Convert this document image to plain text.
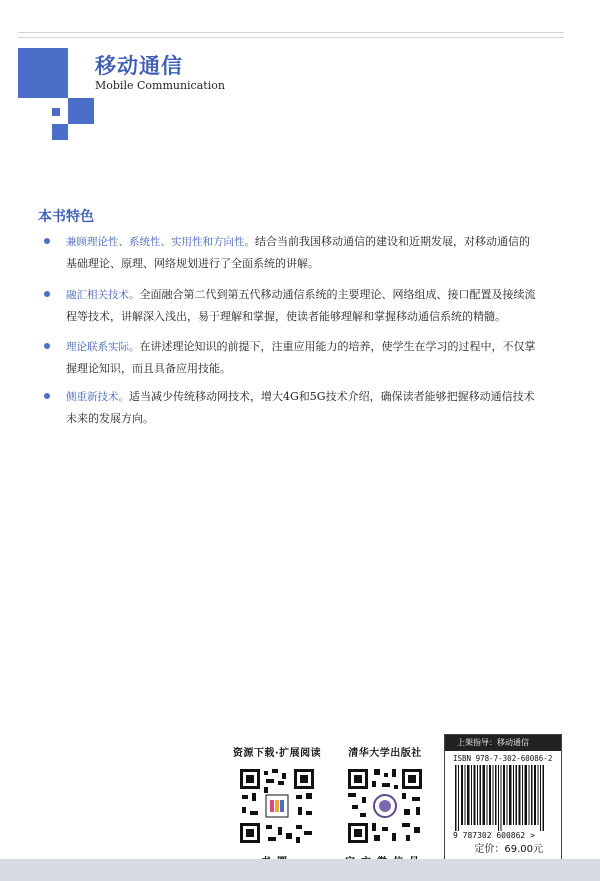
移动通信
Mobile Communication
本书特色
兼顾理论性、系统性、实用性和方向性。结合当前我国移动通信的建设和近期发展，对移动通信的
基础理论、原理、网络规划进行了全面系统的讲解。
融汇相关技术。全面融合第二代到第五代移动通信系统的主要理论、网络组成、接口配置及接续流
程等技术，讲解深入浅出，易于理解和掌握，使读者能够理解和掌握移动通信系统的精髓。
理论联系实际。在讲述理论知识的前提下，注重应用能力的培养，使学生在学习的过程中，不仅掌
握理论知识，而且具备应用技能。
侧重新技术。适当减少传统移动网技术，增大4G和5G技术介绍，确保读者能够把握移动通信技术
未来的发展方向。
资源下载·扩展阅读	清华大学出版社
上架指导：移动通信
ISBN 978-7-302-60086-2
9 787302 600862 >
定价：69.00元
